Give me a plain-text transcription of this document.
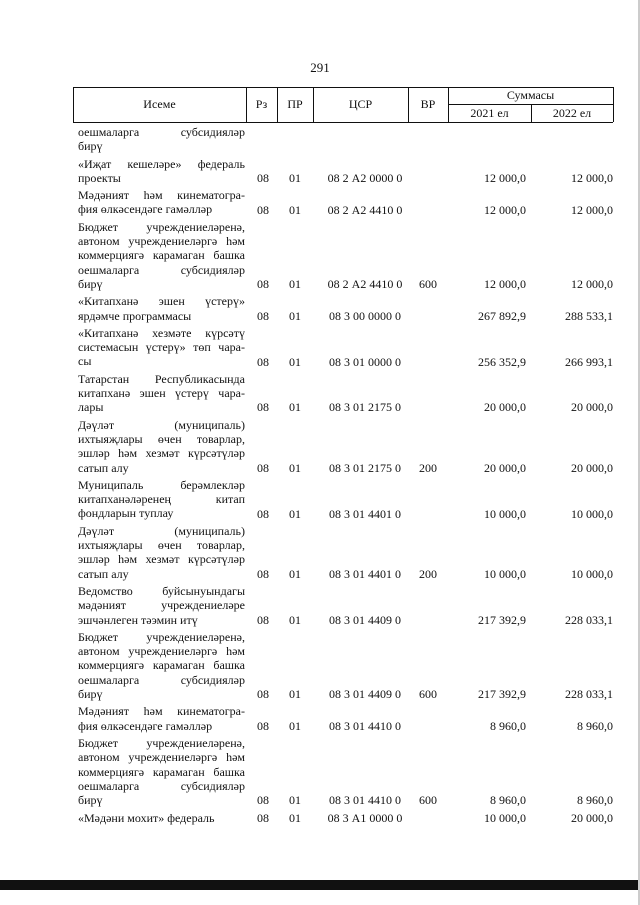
291
Исеме	Рз	ПР	ЦСР	ВР
Суммасы
2021 ел	2022 ел
оешмаларга субсидияләр
бирү
«Иҗат кешеләре» федераль
проекты	08	01	08 2 А2 0000 0	12 000,0	12 000,0
Мәдәният һәм кинематогра-
фия өлкәсендәге гамәлләр	08	01	08 2 А2 4410 0	12 000,0	12 000,0
Бюджет учреждениеләренә,
автоном учреждениеләргә һәм
коммерциягә карамаган башка
оешмаларга субсидияләр
бирү	08	01	08 2 А2 4410 0	600	12 000,0	12 000,0
«Китапханә эшен үстерү»
ярдәмче программасы	08	01	08 3 00 0000 0	267 892,9	288 533,1
«Китапханә хезмәте күрсәтү
системасын үстерү» төп чара-
сы	08	01	08 3 01 0000 0	256 352,9	266 993,1
Татарстан Республикасында
китапханә эшен үстерү чара-
лары	08	01	08 3 01 2175 0	20 000,0	20 000,0
Дәүләт (муниципаль)
ихтыяҗлары өчен товарлар,
эшләр һәм хезмәт күрсәтүләр
сатып алу	08	01	08 3 01 2175 0	200	20 000,0	20 000,0
Муниципаль берәмлекләр
китапханәләренең китап
фондларын туплау	08	01	08 3 01 4401 0	10 000,0	10 000,0
Дәүләт (муниципаль)
ихтыяҗлары өчен товарлар,
эшләр һәм хезмәт күрсәтүләр
сатып алу	08	01	08 3 01 4401 0	200	10 000,0	10 000,0
Ведомство буйсынуындагы
мәдәният учреждениеләре
эшчәнлеген тәэмин итү	08	01	08 3 01 4409 0	217 392,9	228 033,1
Бюджет учреждениеләренә,
автоном учреждениеләргә һәм
коммерциягә карамаган башка
оешмаларга субсидияләр
бирү	08	01	08 3 01 4409 0	600	217 392,9	228 033,1
Мәдәният һәм кинематогра-
фия өлкәсендәге гамәлләр	08	01	08 3 01 4410 0	8 960,0	8 960,0
Бюджет учреждениеләренә,
автоном учреждениеләргә һәм
коммерциягә карамаган башка
оешмаларга субсидияләр
бирү	08	01	08 3 01 4410 0	600	8 960,0	8 960,0
«Мәдәни мохит» федераль	08	01	08 3 А1 0000 0	10 000,0	20 000,0
